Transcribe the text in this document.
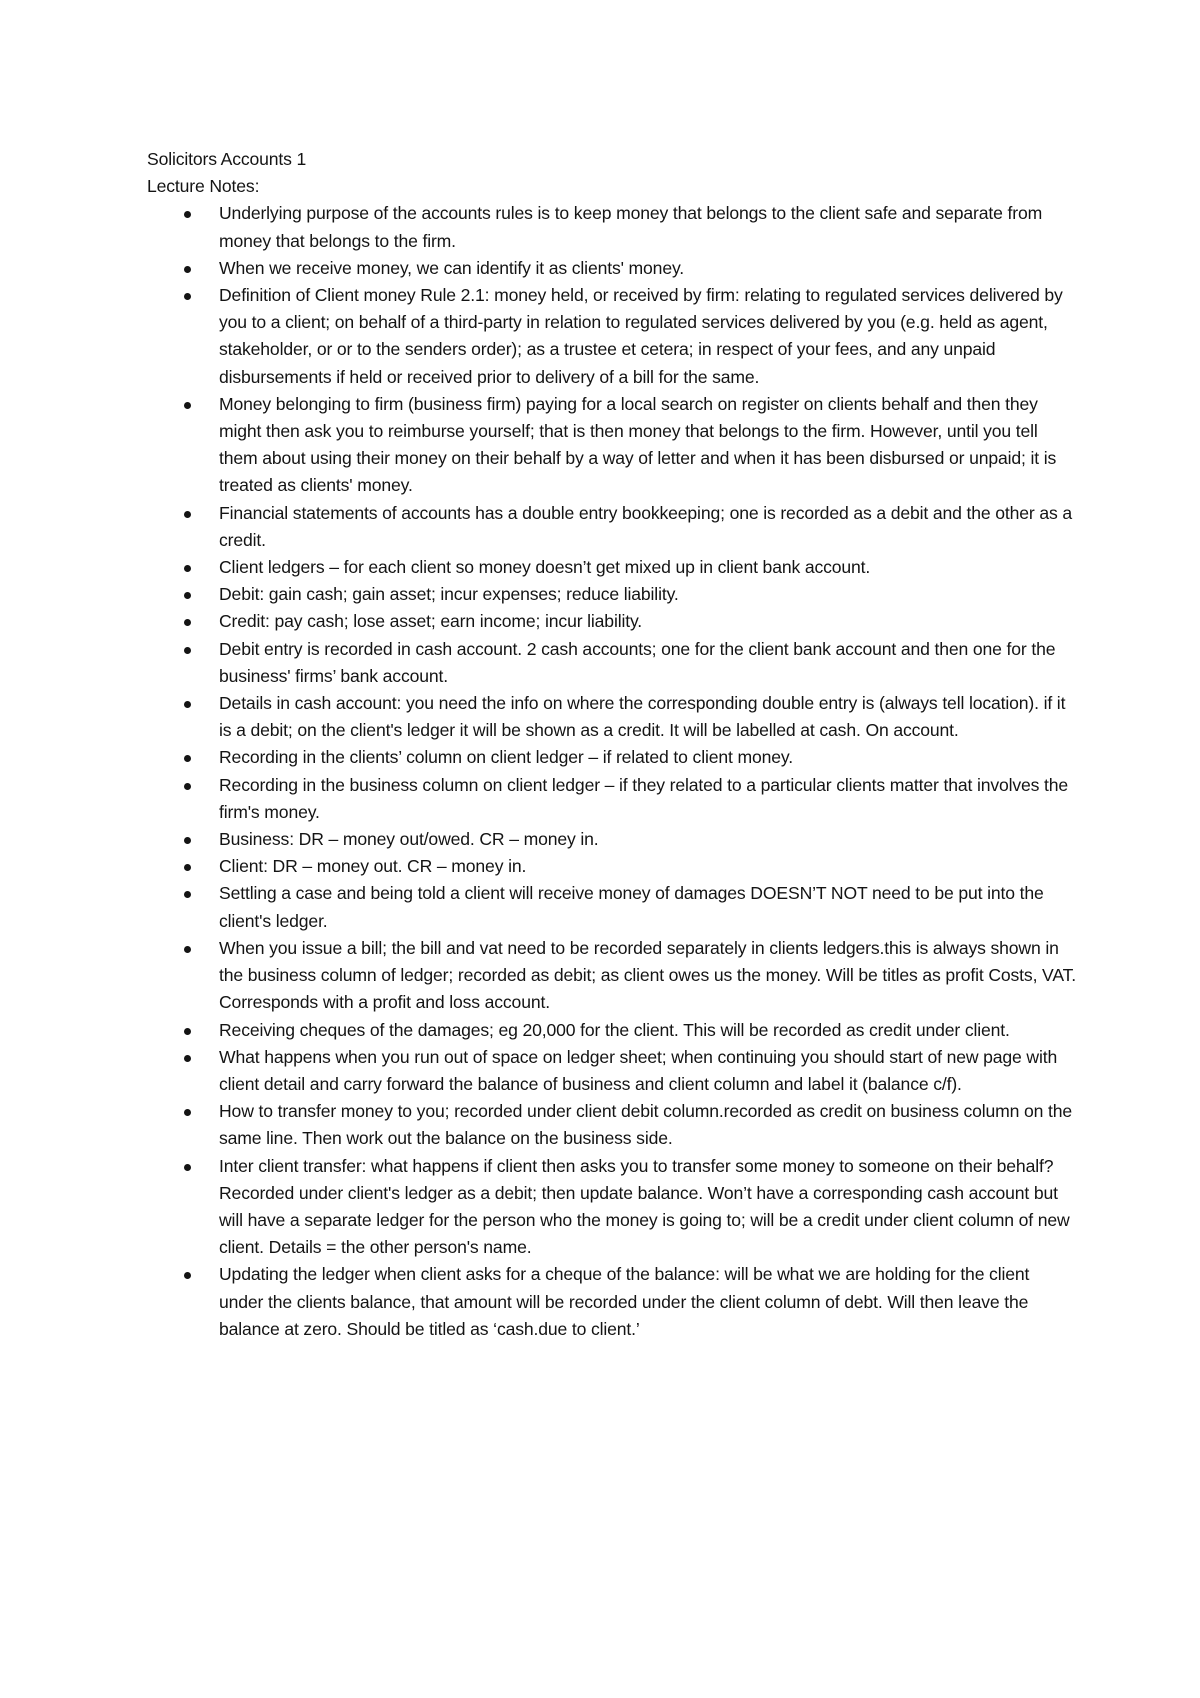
Solicitors Accounts 1

Lecture Notes:

Underlying purpose of the accounts rules is to keep money that belongs to the client safe and separate from money that belongs to the firm.
When we receive money, we can identify it as clients' money.
Definition of Client money Rule 2.1: money held, or received by firm: relating to regulated services delivered by you to a client; on behalf of a third-party in relation to regulated services delivered by you (e.g. held as agent, stakeholder, or or to the senders order); as a trustee et cetera; in respect of your fees, and any unpaid disbursements if held or received prior to delivery of a bill for the same.
Money belonging to firm (business firm) paying for a local search on register on clients behalf and then they might then ask you to reimburse yourself; that is then money that belongs to the firm. However, until you tell them about using their money on their behalf by a way of letter and when it has been disbursed or unpaid; it is treated as clients' money.
Financial statements of accounts has a double entry bookkeeping; one is recorded as a debit and the other as a credit.
Client ledgers – for each client so money doesn’t get mixed up in client bank account.
Debit: gain cash; gain asset; incur expenses; reduce liability.
Credit: pay cash; lose asset; earn income; incur liability.
Debit entry is recorded in cash account. 2 cash accounts; one for the client bank account and then one for the business' firms’ bank account.
Details in cash account: you need the info on where the corresponding double entry is (always tell location). if it is a debit; on the client's ledger it will be shown as a credit. It will be labelled at cash. On account.
Recording in the clients’ column on client ledger – if related to client money.
Recording in the business column on client ledger – if they related to a particular clients matter that involves the firm's money.
Business: DR – money out/owed. CR – money in.
Client: DR – money out. CR – money in.
Settling a case and being told a client will receive money of damages DOESN’T NOT need to be put into the client's ledger.
When you issue a bill; the bill and vat need to be recorded separately in clients ledgers.this is always shown in the business column of ledger; recorded as debit; as client owes us the money. Will be titles as profit Costs, VAT. Corresponds with a profit and loss account.
Receiving cheques of the damages; eg 20,000 for the client. This will be recorded as credit under client.
What happens when you run out of space on ledger sheet; when continuing you should start of new page with client detail and carry forward the balance of business and client column and label it (balance c/f).
How to transfer money to you; recorded under client debit column.recorded as credit on business column on the same line. Then work out the balance on the business side.
Inter client transfer: what happens if client then asks you to transfer some money to someone on their behalf? Recorded under client's ledger as a debit; then update balance. Won’t have a corresponding cash account but will have a separate ledger for the person who the money is going to; will be a credit under client column of new client. Details = the other person's name.
Updating the ledger when client asks for a cheque of the balance: will be what we are holding for the client under the clients balance, that amount will be recorded under the client column of debt. Will then leave the balance at zero. Should be titled as ‘cash.due to client.’
